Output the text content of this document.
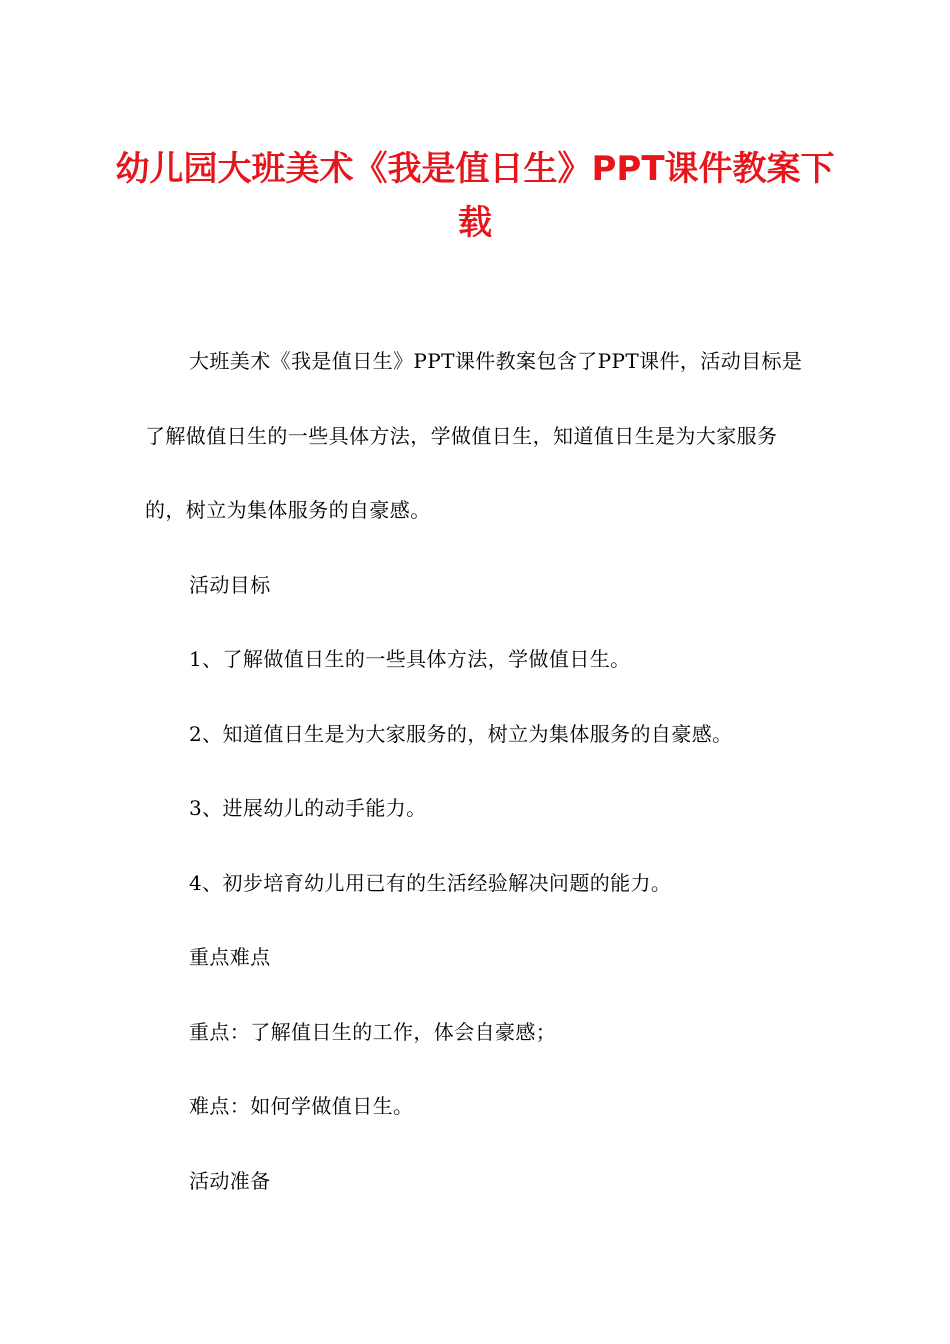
幼儿园大班美术《我是值日生》PPT课件教案下载

大班美术《我是值日生》PPT课件教案包含了PPT课件，活动目标是了解做值日生的一些具体方法，学做值日生，知道值日生是为大家服务的，树立为集体服务的自豪感。

活动目标

1、了解做值日生的一些具体方法，学做值日生。

2、知道值日生是为大家服务的，树立为集体服务的自豪感。

3、进展幼儿的动手能力。

4、初步培育幼儿用已有的生活经验解决问题的能力。

重点难点

重点：了解值日生的工作，体会自豪感；

难点：如何学做值日生。

活动准备
